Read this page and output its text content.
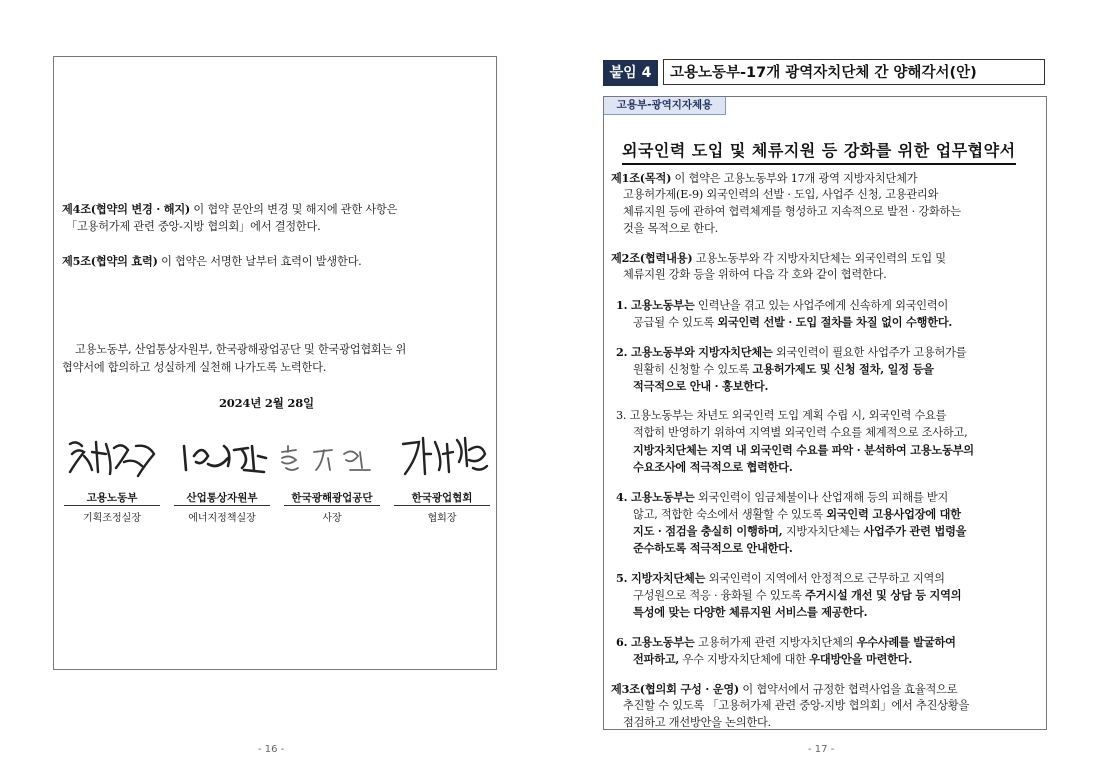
제4조(협약의 변경 · 해지) 이 협약 문안의 변경 및 해지에 관한 사항은
「고용허가제 관련 중앙-지방 협의회」에서 결정한다.
제5조(협약의 효력) 이 협약은 서명한 날부터 효력이 발생한다.
고용노동부, 산업통상자원부, 한국광해광업공단 및 한국광업협회는 위
협약서에 합의하고 성실하게 실천해 나가도록 노력한다.
2024년 2월 28일
고용노동부
기획조정실장
산업통상자원부
에너지정책실장
한국광해광업공단
사장
한국광업협회
협회장
- 16 -
붙임 4	고용노동부-17개 광역자치단체 간 양해각서(안)
고용부-광역지자체용
외국인력 도입 및 체류지원 등 강화를 위한 업무협약서
제1조(목적) 이 협약은 고용노동부와 17개 광역 지방자치단체가
고용허가제(E-9) 외국인력의 선발 · 도입, 사업주 신청, 고용관리와
체류지원 등에 관하여 협력체계를 형성하고 지속적으로 발전 · 강화하는
것을 목적으로 한다.
제2조(협력내용) 고용노동부와 각 지방자치단체는 외국인력의 도입 및
체류지원 강화 등을 위하여 다음 각 호와 같이 협력한다.
1. 고용노동부는 인력난을 겪고 있는 사업주에게 신속하게 외국인력이
공급될 수 있도록 외국인력 선발 · 도입 절차를 차질 없이 수행한다.
2. 고용노동부와 지방자치단체는 외국인력이 필요한 사업주가 고용허가를
원활히 신청할 수 있도록 고용허가제도 및 신청 절차, 일정 등을
적극적으로 안내 · 홍보한다.
3. 고용노동부는 차년도 외국인력 도입 계획 수립 시, 외국인력 수요를
적합히 반영하기 위하여 지역별 외국인력 수요를 체계적으로 조사하고,
지방자치단체는 지역 내 외국인력 수요를 파악 · 분석하여 고용노동부의
수요조사에 적극적으로 협력한다.
4. 고용노동부는 외국인력이 임금체불이나 산업재해 등의 피해를 받지
않고, 적합한 숙소에서 생활할 수 있도록 외국인력 고용사업장에 대한
지도 · 점검을 충실히 이행하며, 지방자치단체는 사업주가 관련 법령을
준수하도록 적극적으로 안내한다.
5. 지방자치단체는 외국인력이 지역에서 안정적으로 근무하고 지역의
구성원으로 적응 · 융화될 수 있도록 주거시설 개선 및 상담 등 지역의
특성에 맞는 다양한 체류지원 서비스를 제공한다.
6. 고용노동부는 고용허가제 관련 지방자치단체의 우수사례를 발굴하여
전파하고, 우수 지방자치단체에 대한 우대방안을 마련한다.
제3조(협의회 구성 · 운영) 이 협약서에서 규정한 협력사업을 효율적으로
추진할 수 있도록 「고용허가제 관련 중앙-지방 협의회」에서 추진상황을
점검하고 개선방안을 논의한다.
- 17 -
